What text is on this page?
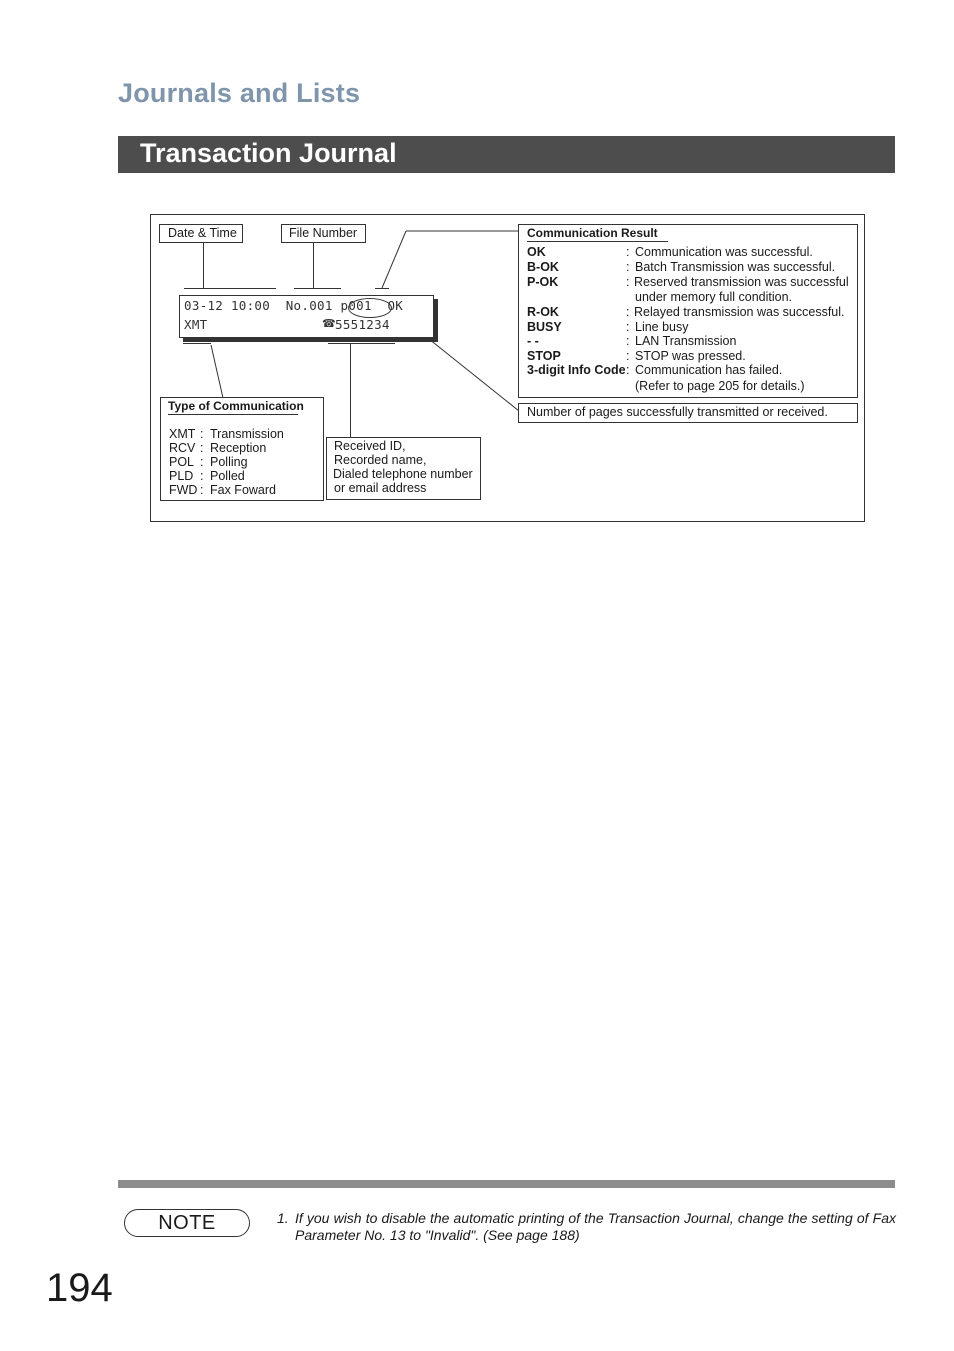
Journals and Lists
Transaction Journal
Date & Time	File Number
03-12 10:00  No.001 p001  OK
XMT	☎
5551234
Type of Communication
XMT : Transmission
RCV : Reception
POL : Polling
PLD : Polled
FWD : Fax Foward
Received ID,
Recorded name,
Dialed telephone number
or email address
Communication Result
OK	: Communication was successful.
B-OK	: Batch Transmission was successful.
P-OK	: Reserved transmission was successful
under memory full condition.
R-OK	: Relayed transmission was successful.
BUSY	: Line busy
- -	: LAN Transmission
STOP	: STOP was pressed.
3-digit Info Code : Communication has failed.
(Refer to page 205 for details.)
Number of pages successfully transmitted or received.
NOTE	1. If you wish to disable the automatic printing of the Transaction Journal, change the setting of Fax Parameter No. 13 to "Invalid". (See page 188)
194
